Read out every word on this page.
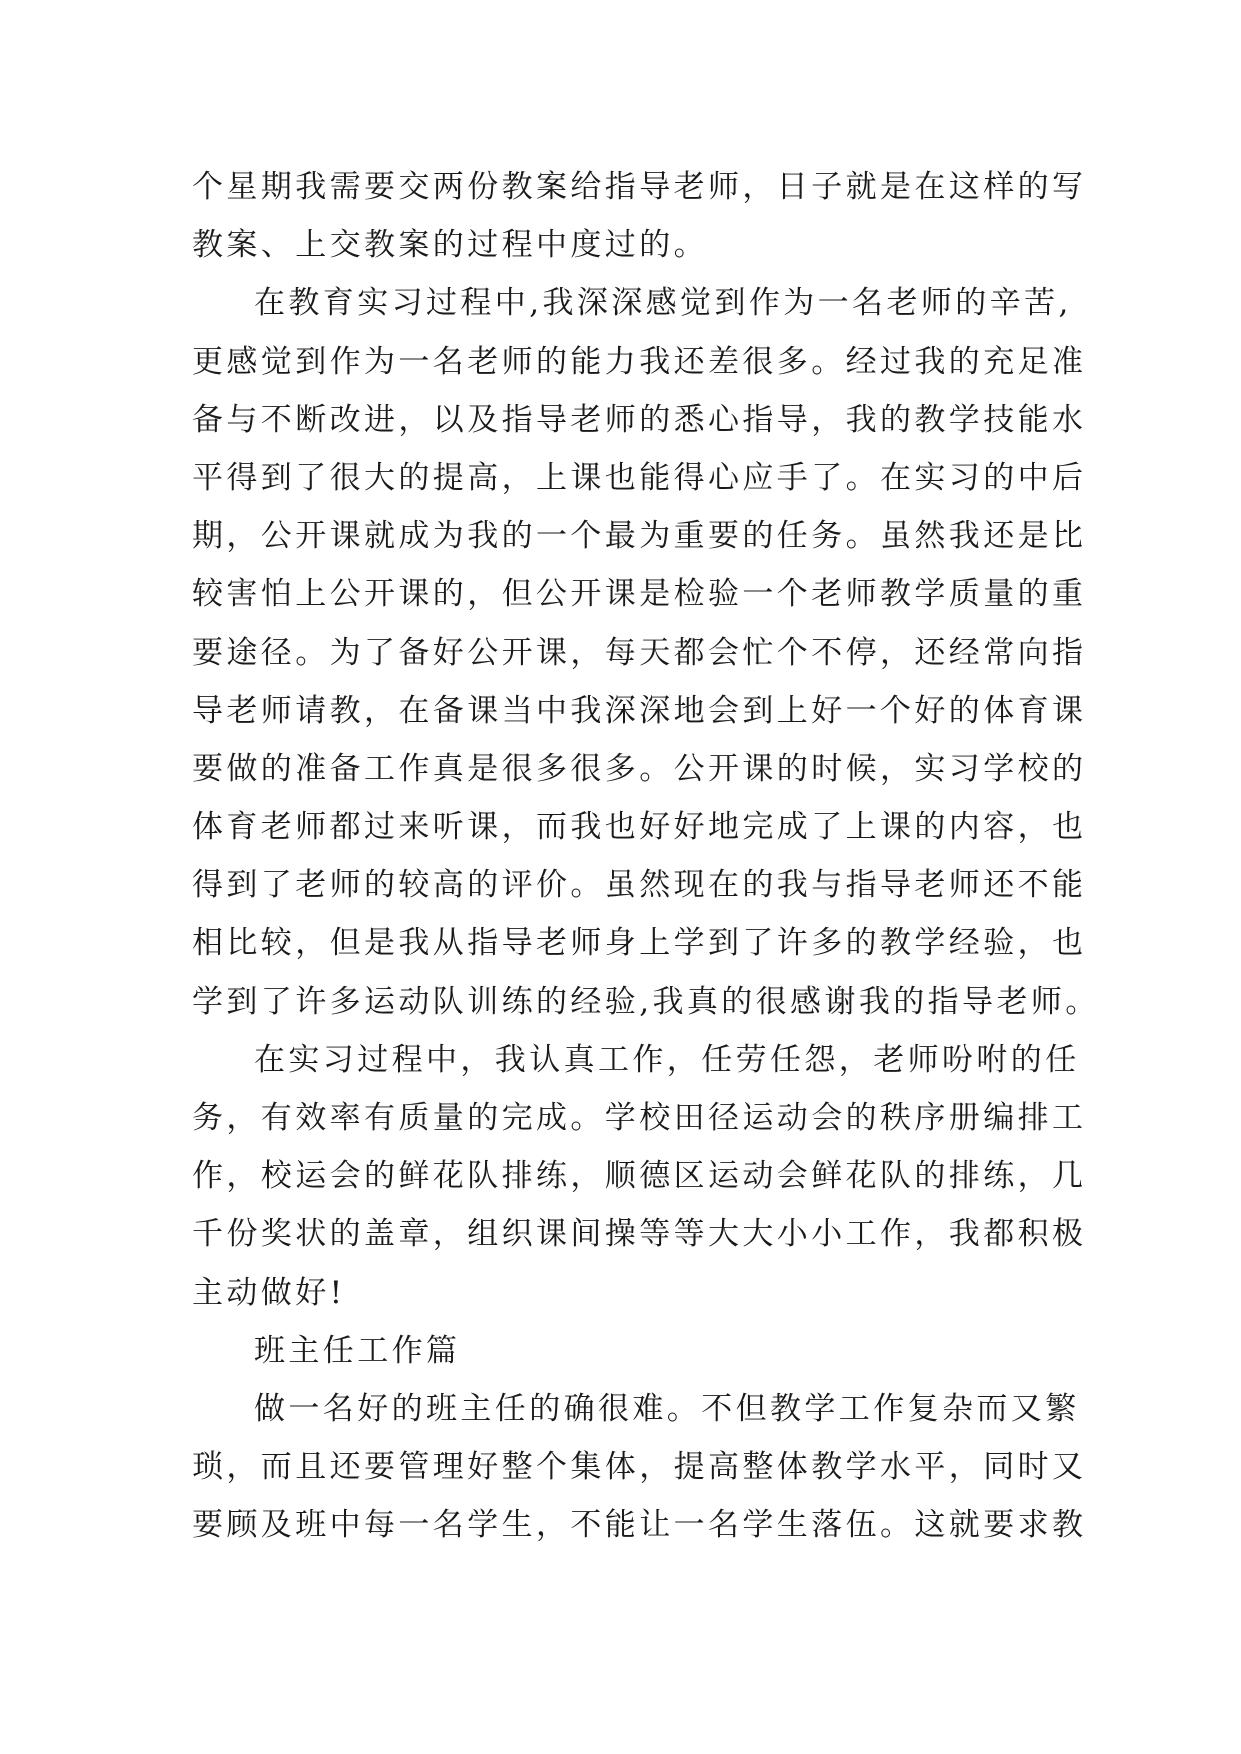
个星期我需要交两份教案给指导老师，日子就是在这样的写
教案、上交教案的过程中度过的。
在教育实习过程中,我深深感觉到作为一名老师的辛苦,
更感觉到作为一名老师的能力我还差很多。经过我的充足准
备与不断改进，以及指导老师的悉心指导，我的教学技能水
平得到了很大的提高，上课也能得心应手了。在实习的中后
期，公开课就成为我的一个最为重要的任务。虽然我还是比
较害怕上公开课的，但公开课是检验一个老师教学质量的重
要途径。为了备好公开课，每天都会忙个不停，还经常向指
导老师请教，在备课当中我深深地会到上好一个好的体育课
要做的准备工作真是很多很多。公开课的时候，实习学校的
体育老师都过来听课，而我也好好地完成了上课的内容，也
得到了老师的较高的评价。虽然现在的我与指导老师还不能
相比较，但是我从指导老师身上学到了许多的教学经验，也
学到了许多运动队训练的经验,我真的很感谢我的指导老师。
在实习过程中，我认真工作，任劳任怨，老师吩咐的任
务，有效率有质量的完成。学校田径运动会的秩序册编排工
作，校运会的鲜花队排练，顺德区运动会鲜花队的排练，几
千份奖状的盖章，组织课间操等等大大小小工作，我都积极
主动做好!
班主任工作篇
做一名好的班主任的确很难。不但教学工作复杂而又繁
琐，而且还要管理好整个集体，提高整体教学水平，同时又
要顾及班中每一名学生，不能让一名学生落伍。这就要求教
